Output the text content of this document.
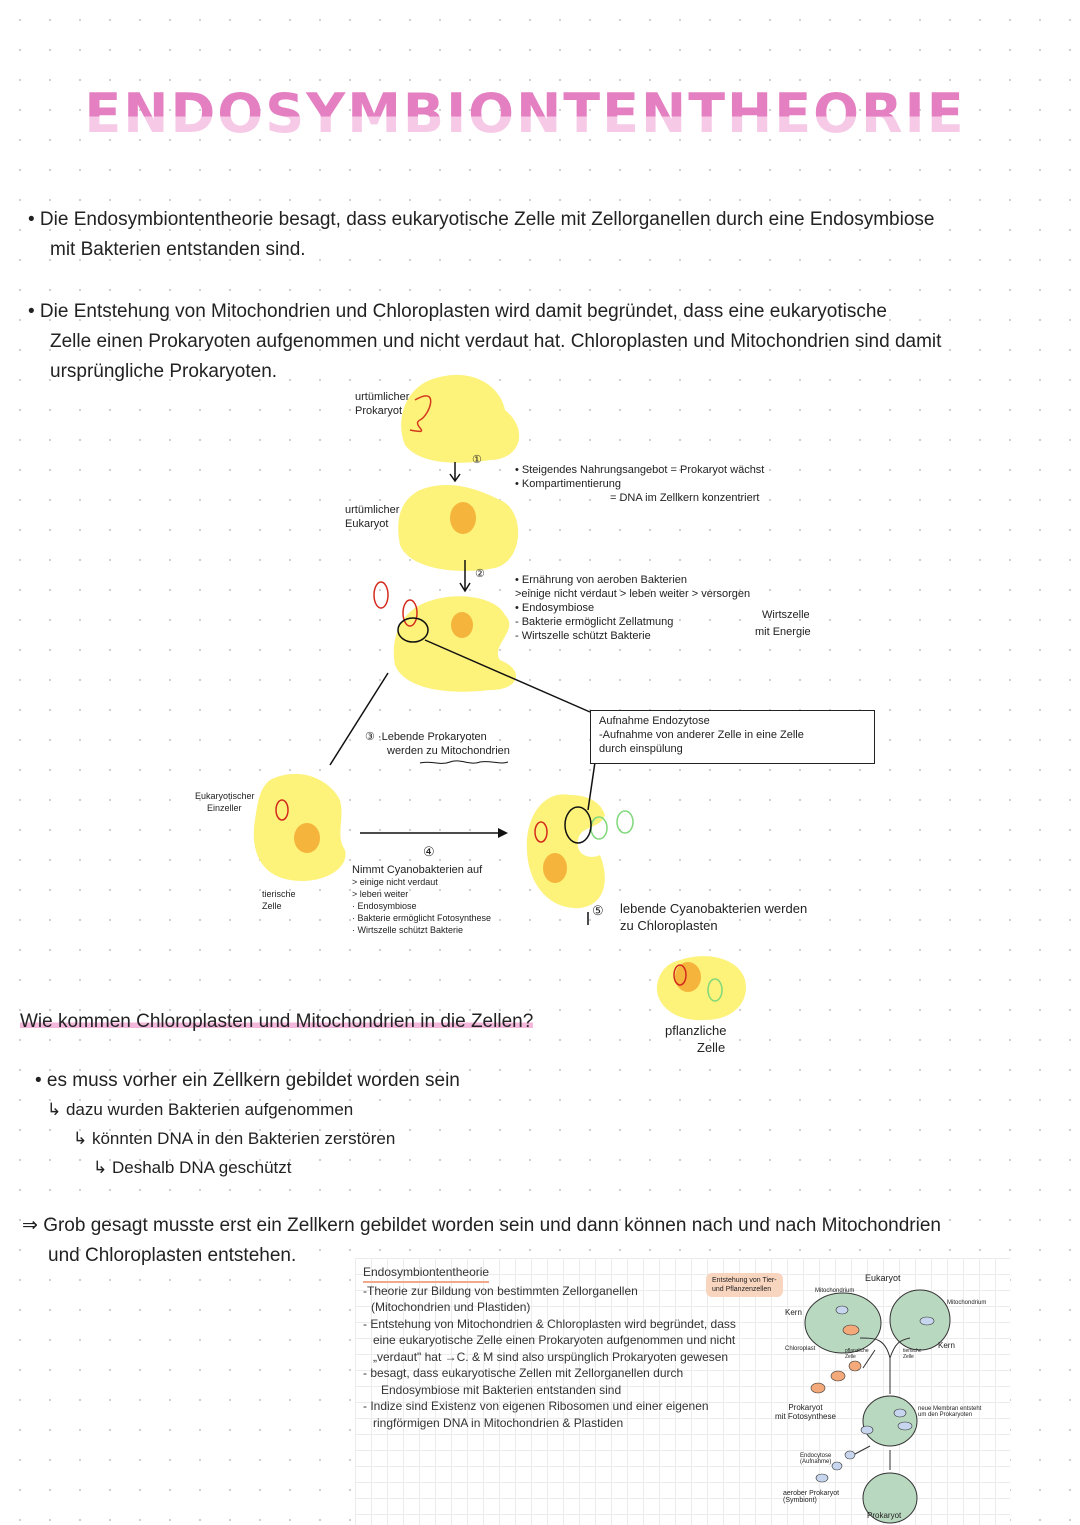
ENDOSYMBIONTENTHEORIE
• Die Endosymbiontentheorie besagt, dass eukaryotische Zelle mit Zellorganellen durch eine Endosymbiose
mit Bakterien entstanden sind.
• Die Entstehung von Mitochondrien und Chloroplasten wird damit begründet, dass eine eukaryotische
Zelle einen Prokaryoten aufgenommen und nicht verdaut hat. Chloroplasten und Mitochondrien sind damit
ursprüngliche Prokaryoten.
urtümlicher
Prokaryot
urtümlicher
Eukaryot
①
②
• Steigendes Nahrungsangebot = Prokaryot wächst
• Kompartimentierung
= DNA im Zellkern konzentriert
• Ernährung von aeroben Bakterien
>einige nicht verdaut > leben weiter > versorgen
Wirtszelle
• Endosymbiose
mit Energie
- Bakterie ermöglicht Zellatmung
- Wirtszelle schützt Bakterie
③ ·Lebende Prokaryoten
werden zu Mitochondrien
Aufnahme Endozytose
-Aufnahme von anderer Zelle in eine Zelle
durch einspülung
Eukaryotischer
Einzeller
tierische
Zelle
④
Nimmt Cyanobakterien auf
> einige nicht verdaut
> leben weiter
· Endosymbiose
· Bakterie ermöglicht Fotosynthese
· Wirtszelle schützt Bakterie
⑤ lebende Cyanobakterien werden
zu Chloroplasten
pflanzliche
Zelle
Wie kommen Chloroplasten und Mitochondrien in die Zellen?
• es muss vorher ein Zellkern gebildet worden sein
↳ dazu wurden Bakterien aufgenommen
↳ könnten DNA in den Bakterien zerstören
↳ Deshalb DNA geschützt
⇒ Grob gesagt musste erst ein Zellkern gebildet worden sein und dann können nach und nach Mitochondrien
und Chloroplasten entstehen.
Endosymbiontentheorie
-Theorie zur Bildung von bestimmten Zellorganellen
(Mitochondrien und Plastiden)
- Entstehung von Mitochondrien & Chloroplasten wird begründet, dass
eine eukaryotische Zelle einen Prokaryoten aufgenommen und nicht
„verdaut" hat →C. & M sind also urspünglich Prokaryoten gewesen
- besagt, dass eukaryotische Zellen mit Zellorganellen durch
Endosymbiose mit Bakterien entstanden sind
- Indize sind Existenz von eigenen Ribosomen und einer eigenen
ringförmigen DNA in Mitochondrien & Plastiden
Entstehung von Tier-
und Pflanzenzellen
Eukaryot
Mitochondrium
Mitochondrium
Kern
Kern
Chloroplast	pflanzliche Zelle
tierische Zelle
Prokaryot
mit Fotosynthese
neue Membran entsteht
um den Prokaryoten
Endocytose
(Aufnahme)
aerober Prokaryot
(Symbiont)
Prokaryot
